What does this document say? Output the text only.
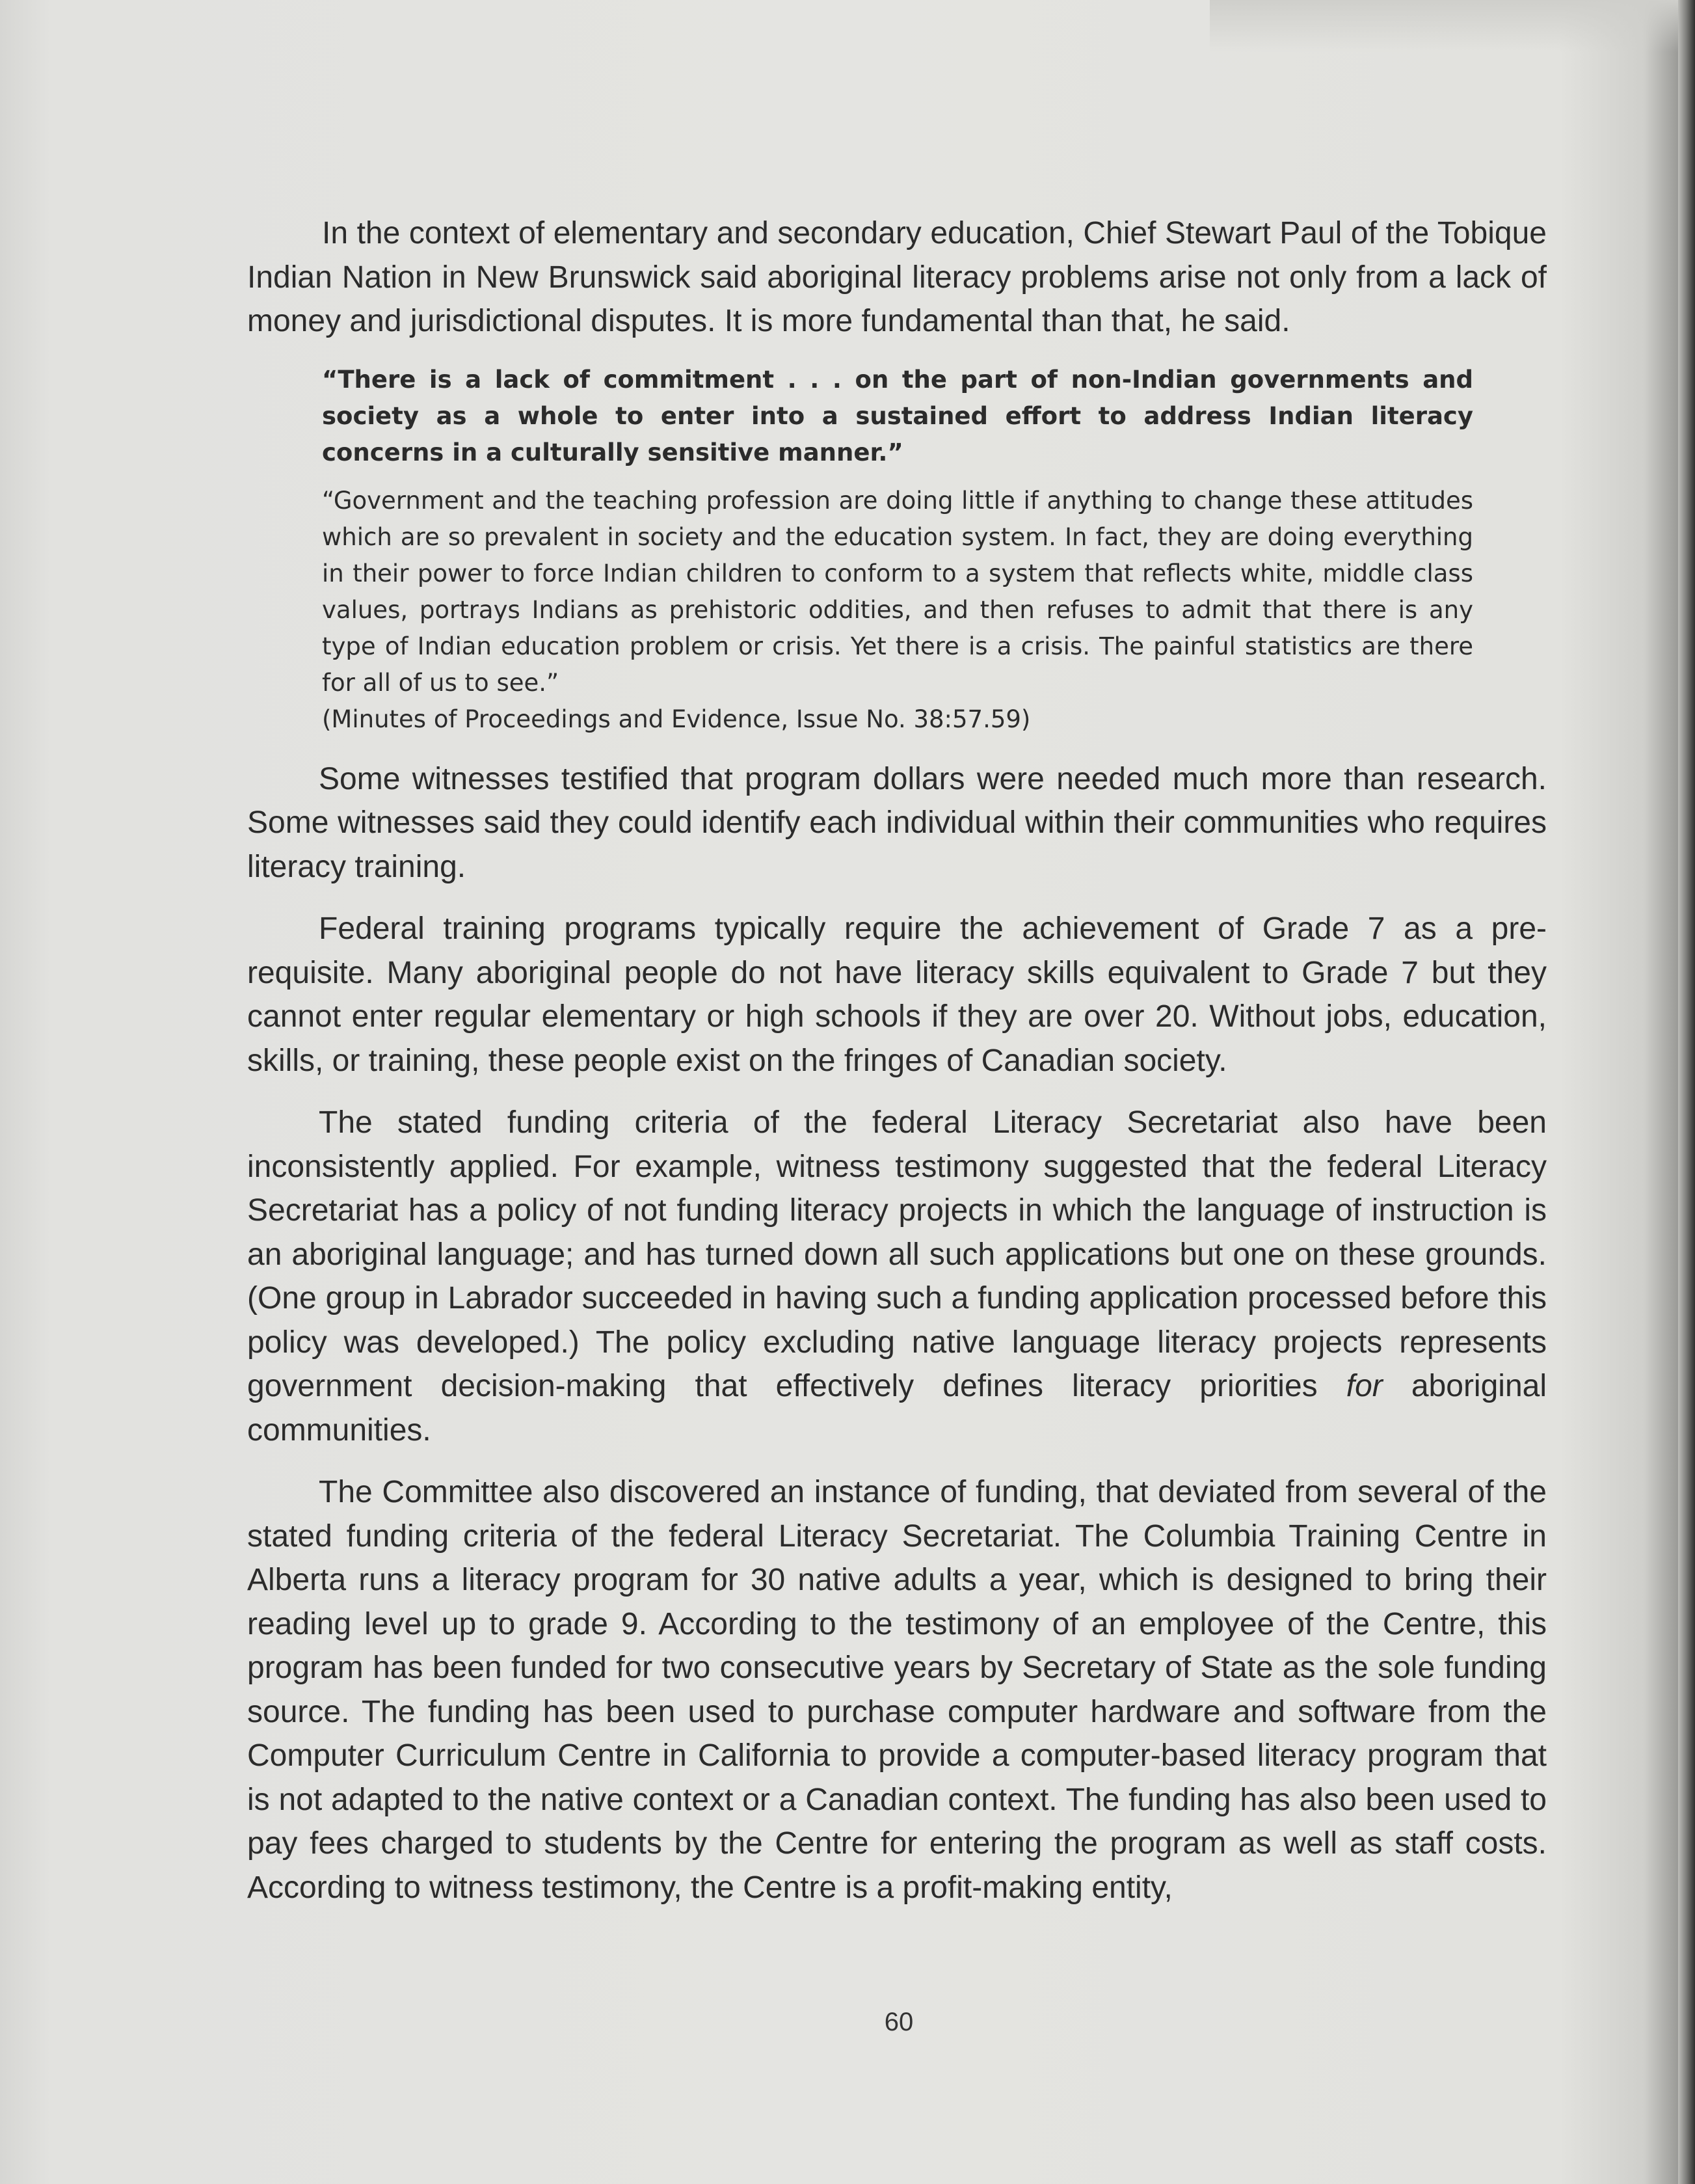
In the context of elementary and secondary education, Chief Stewart Paul of the Tobique Indian Nation in New Brunswick said aboriginal literacy problems arise not only from a lack of money and jurisdictional disputes. It is more fundamental than that, he said.

“There is a lack of commitment . . . on the part of non-Indian governments and society as a whole to enter into a sustained effort to address Indian literacy concerns in a culturally sensitive manner.”

“Government and the teaching profession are doing little if anything to change these attitudes which are so prevalent in society and the education system. In fact, they are doing everything in their power to force Indian children to conform to a system that reflects white, middle class values, portrays Indians as prehistoric oddities, and then refuses to admit that there is any type of Indian education problem or crisis. Yet there is a crisis. The painful statistics are there for all of us to see.”

(Minutes of Proceedings and Evidence, Issue No. 38:57.59)

Some witnesses testified that program dollars were needed much more than research. Some witnesses said they could identify each individual within their communities who requires literacy training.

Federal training programs typically require the achievement of Grade 7 as a pre-requisite. Many aboriginal people do not have literacy skills equivalent to Grade 7 but they cannot enter regular elementary or high schools if they are over 20. Without jobs, education, skills, or training, these people exist on the fringes of Canadian society.

The stated funding criteria of the federal Literacy Secretariat also have been inconsistently applied. For example, witness testimony suggested that the federal Literacy Secretariat has a policy of not funding literacy projects in which the language of instruction is an aboriginal language; and has turned down all such applications but one on these grounds. (One group in Labrador succeeded in having such a funding application processed before this policy was developed.) The policy excluding native language literacy projects represents government decision-making that effectively defines literacy priorities for aboriginal communities.

The Committee also discovered an instance of funding, that deviated from several of the stated funding criteria of the federal Literacy Secretariat. The Columbia Training Centre in Alberta runs a literacy program for 30 native adults a year, which is designed to bring their reading level up to grade 9. According to the testimony of an employee of the Centre, this program has been funded for two consecutive years by Secretary of State as the sole funding source. The funding has been used to purchase computer hardware and software from the Computer Curriculum Centre in California to provide a computer-based literacy program that is not adapted to the native context or a Canadian context. The funding has also been used to pay fees charged to students by the Centre for entering the program as well as staff costs. According to witness testimony, the Centre is a profit-making entity,

60
